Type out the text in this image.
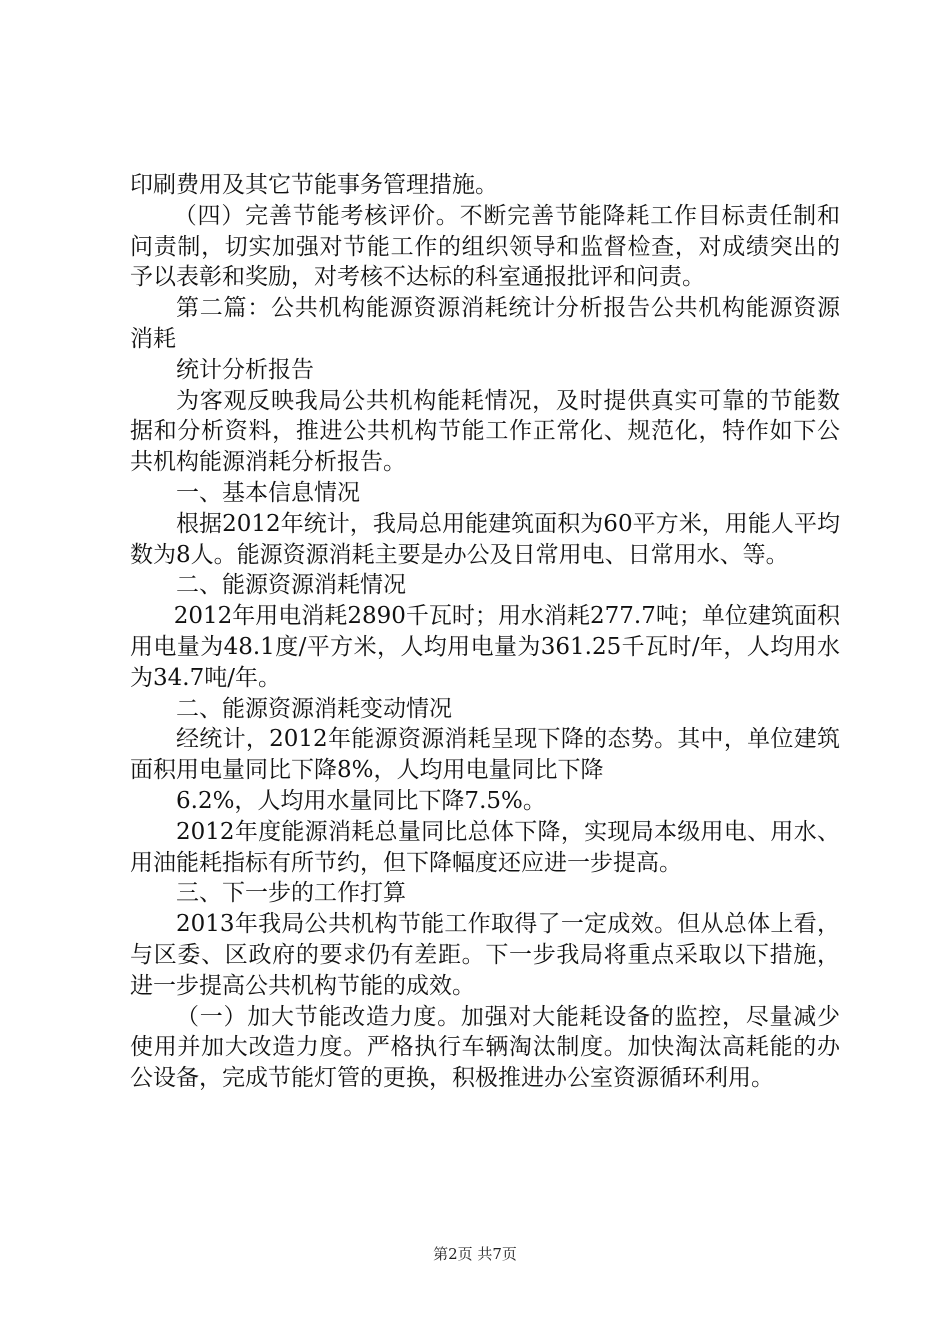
印刷费用及其它节能事务管理措施。

（四）完善节能考核评价。不断完善节能降耗工作目标责任制和问责制，切实加强对节能工作的组织领导和监督检查，对成绩突出的予以表彰和奖励，对考核不达标的科室通报批评和问责。

第二篇：公共机构能源资源消耗统计分析报告公共机构能源资源消耗

统计分析报告

为客观反映我局公共机构能耗情况，及时提供真实可靠的节能数据和分析资料，推进公共机构节能工作正常化、规范化，特作如下公共机构能源消耗分析报告。

一、基本信息情况

根据2012年统计，我局总用能建筑面积为60平方米，用能人平均数为8人。能源资源消耗主要是办公及日常用电、日常用水、等。

二、能源资源消耗情况

2012年用电消耗2890千瓦时；用水消耗277.7吨；单位建筑面积用电量为48.1度/平方米，人均用电量为361.25千瓦时/年，人均用水为34.7吨/年。

二、能源资源消耗变动情况

经统计，2012年能源资源消耗呈现下降的态势。其中，单位建筑面积用电量同比下降8%，人均用电量同比下降

6.2%，人均用水量同比下降7.5%。

2012年度能源消耗总量同比总体下降，实现局本级用电、用水、用油能耗指标有所节约，但下降幅度还应进一步提高。

三、下一步的工作打算

2013年我局公共机构节能工作取得了一定成效。但从总体上看，与区委、区政府的要求仍有差距。下一步我局将重点采取以下措施，进一步提高公共机构节能的成效。

（一）加大节能改造力度。加强对大能耗设备的监控，尽量减少使用并加大改造力度。严格执行车辆淘汰制度。加快淘汰高耗能的办公设备，完成节能灯管的更换，积极推进办公室资源循环利用。

第2页 共7页
